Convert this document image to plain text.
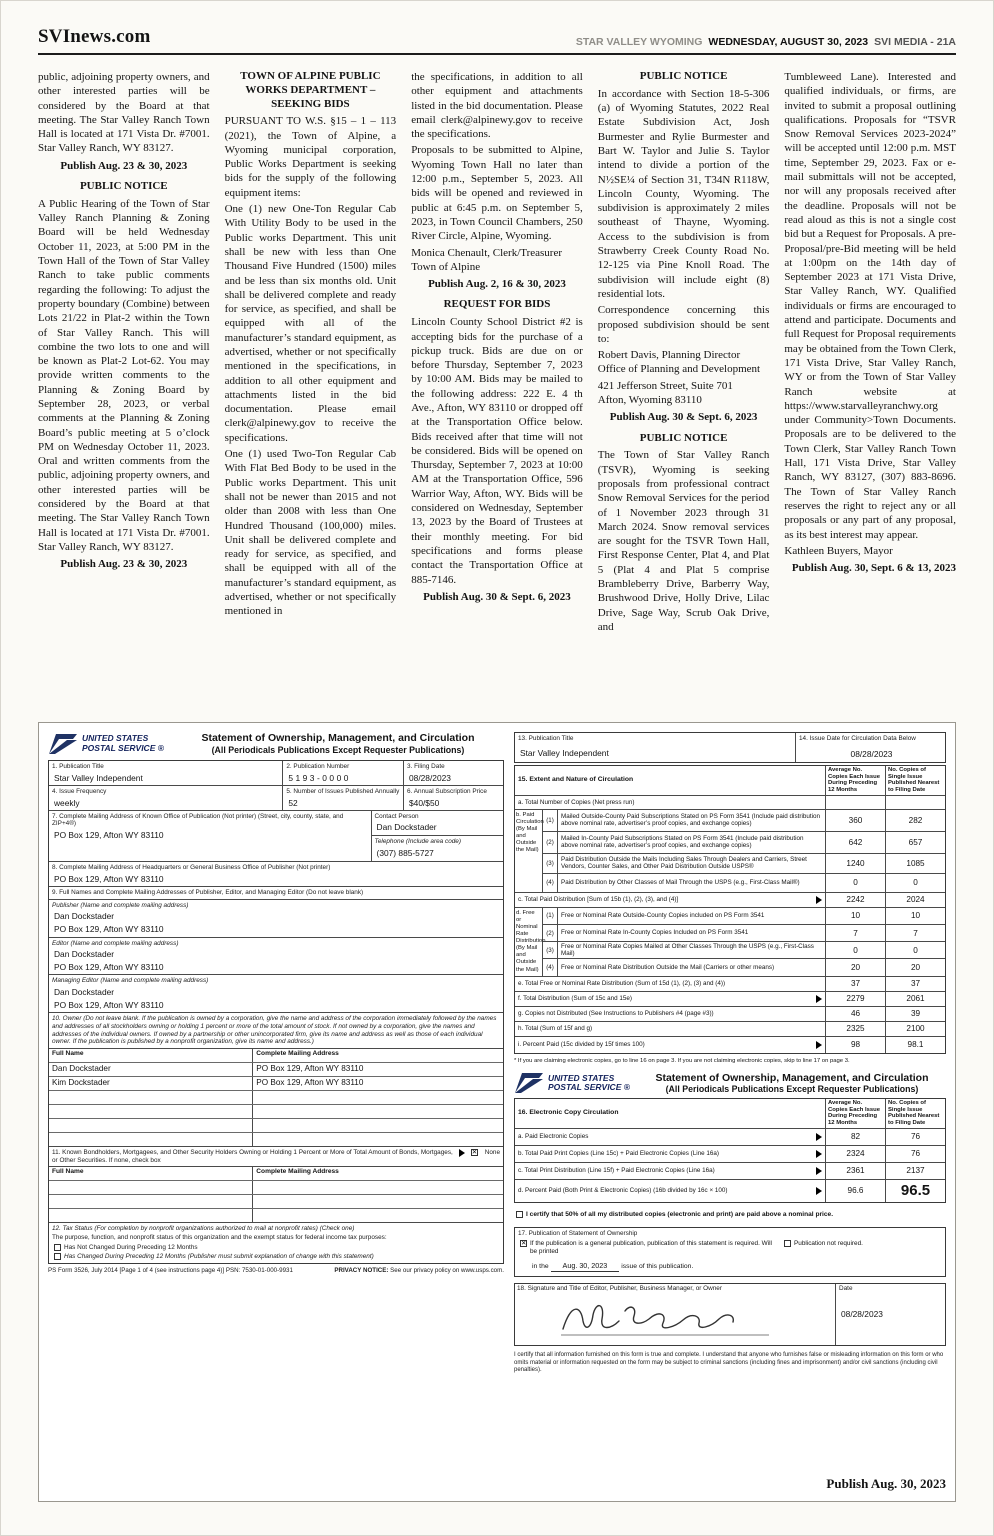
SVInews.com	STAR VALLEY WYOMING WEDNESDAY, AUGUST 30, 2023 SVI MEDIA - 21A

public, adjoining property owners, and other interested parties will be considered by the Board at that meeting. The Star Valley Ranch Town Hall is located at 171 Vista Dr. #7001. Star Valley Ranch, WY 83127.

Publish Aug. 23 & 30, 2023

PUBLIC NOTICE

A Public Hearing of the Town of Star Valley Ranch Planning & Zoning Board will be held Wednesday October 11, 2023, at 5:00 PM in the Town Hall of the Town of Star Valley Ranch to take public comments regarding the following: To adjust the property boundary (Combine) between Lots 21/22 in Plat-2 within the Town of Star Valley Ranch. This will combine the two lots to one and will be known as Plat-2 Lot-62. You may provide written comments to the Planning & Zoning Board by September 28, 2023, or verbal comments at the Planning & Zoning Board’s public meeting at 5 o’clock PM on Wednesday October 11, 2023. Oral and written comments from the public, adjoining property owners, and other interested parties will be considered by the Board at that meeting. The Star Valley Ranch Town Hall is located at 171 Vista Dr. #7001. Star Valley Ranch, WY 83127.

Publish Aug. 23 & 30, 2023

TOWN OF ALPINE PUBLIC WORKS DEPARTMENT – SEEKING BIDS

PURSUANT TO W.S. §15 – 1 – 113 (2021), the Town of Alpine, a Wyoming municipal corporation, Public Works Department is seeking bids for the supply of the following equipment items:

One (1) new One-Ton Regular Cab With Utility Body to be used in the Public works Department. This unit shall be new with less than One Thousand Five Hundred (1500) miles and be less than six months old. Unit shall be delivered complete and ready for service, as specified, and shall be equipped with all of the manufacturer’s standard equipment, as advertised, whether or not specifically mentioned in the specifications, in addition to all other equipment and attachments listed in the bid documentation. Please email clerk@alpinewy.gov to receive the specifications.

One (1) used Two-Ton Regular Cab With Flat Bed Body to be used in the Public works Department. This unit shall not be newer than 2015 and not older than 2008 with less than One Hundred Thousand (100,000) miles. Unit shall be delivered complete and ready for service, as specified, and shall be equipped with all of the manufacturer’s standard equipment, as advertised, whether or not specifically mentioned in

the specifications, in addition to all other equipment and attachments listed in the bid documentation. Please email clerk@alpinewy.gov to receive the specifications.

Proposals to be submitted to Alpine, Wyoming Town Hall no later than 12:00 p.m., September 5, 2023. All bids will be opened and reviewed in public at 6:45 p.m. on September 5, 2023, in Town Council Chambers, 250 River Circle, Alpine, Wyoming.

Monica Chenault, Clerk/Treasurer

Town of Alpine

Publish Aug. 2, 16 & 30, 2023

REQUEST FOR BIDS

Lincoln County School District #2 is accepting bids for the purchase of a pickup truck. Bids are due on or before Thursday, September 7, 2023 by 10:00 AM. Bids may be mailed to the following address: 222 E. 4 th Ave., Afton, WY 83110 or dropped off at the Transportation Office below. Bids received after that time will not be considered. Bids will be opened on Thursday, September 7, 2023 at 10:00 AM at the Transportation Office, 596 Warrior Way, Afton, WY. Bids will be considered on Wednesday, September 13, 2023 by the Board of Trustees at their monthly meeting. For bid specifications and forms please contact the Transportation Office at 885-7146.

Publish Aug. 30 & Sept. 6, 2023

PUBLIC NOTICE

In accordance with Section 18-5-306 (a) of Wyoming Statutes, 2022 Real Estate Subdivision Act, Josh Burmester and Rylie Burmester and Bart W. Taylor and Julie S. Taylor intend to divide a portion of the N½SE¼ of Section 31, T34N R118W, Lincoln County, Wyoming. The subdivision is approximately 2 miles southeast of Thayne, Wyoming. Access to the subdivision is from Strawberry Creek County Road No. 12-125 via Pine Knoll Road. The subdivision will include eight (8) residential lots.

Correspondence concerning this proposed subdivision should be sent to:

Robert Davis, Planning Director

Office of Planning and Development

421 Jefferson Street, Suite 701

Afton, Wyoming 83110

Publish Aug. 30 & Sept. 6, 2023

PUBLIC NOTICE

The Town of Star Valley Ranch (TSVR), Wyoming is seeking proposals from professional contract Snow Removal Services for the period of 1 November 2023 through 31 March 2024. Snow removal services are sought for the TSVR Town Hall, First Response Center, Plat 4, and Plat 5 (Plat 4 and Plat 5 comprise Brambleberry Drive, Barberry Way, Brushwood Drive, Holly Drive, Lilac Drive, Sage Way, Scrub Oak Drive, and

Tumbleweed Lane). Interested and qualified individuals, or firms, are invited to submit a proposal outlining qualifications. Proposals for “TSVR Snow Removal Services 2023-2024” will be accepted until 12:00 p.m. MST time, September 29, 2023. Fax or e-mail submittals will not be accepted, nor will any proposals received after the deadline. Proposals will not be read aloud as this is not a single cost bid but a Request for Proposals. A pre-Proposal/pre-Bid meeting will be held at 1:00pm on the 14th day of September 2023 at 171 Vista Drive, Star Valley Ranch, WY. Qualified individuals or firms are encouraged to attend and participate. Documents and full Request for Proposal requirements may be obtained from the Town Clerk, 171 Vista Drive, Star Valley Ranch, WY or from the Town of Star Valley Ranch website at https://www.starvalleyranchwy.org under Community>Town Documents. Proposals are to be delivered to the Town Clerk, Star Valley Ranch Town Hall, 171 Vista Drive, Star Valley Ranch, WY 83127, (307) 883-8696. The Town of Star Valley Ranch reserves the right to reject any or all proposals or any part of any proposal, as its best interest may appear.

Kathleen Buyers, Mayor

Publish Aug. 30, Sept. 6 & 13, 2023

UNITED STATES
POSTAL SERVICE ®
Statement of Ownership, Management, and Circulation
(All Periodicals Publications Except Requester Publications)
1. Publication Title
Star Valley Independent
2. Publication Number
5193-0000
3. Filing Date
08/28/2023
4. Issue Frequency
weekly
5. Number of Issues Published Annually
52
6. Annual Subscription Price
$40/$50
7. Complete Mailing Address of Known Office of Publication (Not printer) (Street, city, county, state, and ZIP+4®)
PO Box 129, Afton WY 83110
Contact Person
Dan Dockstader
Telephone (Include area code)
(307) 885-5727
8. Complete Mailing Address of Headquarters or General Business Office of Publisher (Not printer)
PO Box 129, Afton WY 83110
9. Full Names and Complete Mailing Addresses of Publisher, Editor, and Managing Editor (Do not leave blank)
Publisher (Name and complete mailing address)
Dan Dockstader
PO Box 129, Afton WY 83110
Editor (Name and complete mailing address)
Dan Dockstader
PO Box 129, Afton WY 83110
Managing Editor (Name and complete mailing address)
Dan Dockstader
PO Box 129, Afton WY 83110
10. Owner (Do not leave blank. If the publication is owned by a corporation, give the name and address of the corporation immediately followed by the names and addresses of all stockholders owning or holding 1 percent or more of the total amount of stock. If not owned by a corporation, give the names and addresses of the individual owners. If owned by a partnership or other unincorporated firm, give its name and address as well as those of each individual owner. If the publication is published by a nonprofit organization, give its name and address.)
Full Name	Complete Mailing Address
Dan Dockstader	PO Box 129, Afton WY 83110
Kim Dockstader	PO Box 129, Afton WY 83110
11. Known Bondholders, Mortgagees, and Other Security Holders Owning or Holding 1 Percent or More of Total Amount of Bonds, Mortgages, or Other Securities. If none, check box
✕
None
Full Name	Complete Mailing Address
12. Tax Status (For completion by nonprofit organizations authorized to mail at nonprofit rates) (Check one)
The purpose, function, and nonprofit status of this organization and the exempt status for federal income tax purposes:
Has Not Changed During Preceding 12 Months
Has Changed During Preceding 12 Months (Publisher must submit explanation of change with this statement)
PS Form 3526, July 2014 [Page 1 of 4 (see instructions page 4)] PSN: 7530-01-000-9931	PRIVACY NOTICE: See our privacy policy on www.usps.com.
13. Publication Title
Star Valley Independent
14. Issue Date for Circulation Data Below
08/28/2023
15. Extent and Nature of Circulation
Average No. Copies Each Issue During Preceding 12 Months
No. Copies of Single Issue Published Nearest to Filing Date
a. Total Number of Copies (Net press run)
b. Paid Circulation (By Mail and Outside the Mail)
(1)
Mailed Outside-County Paid Subscriptions Stated on PS Form 3541 (Include paid distribution above nominal rate, advertiser’s proof copies, and exchange copies)	360	282
(2)
Mailed In-County Paid Subscriptions Stated on PS Form 3541 (Include paid distribution above nominal rate, advertiser’s proof copies, and exchange copies)	642	657
(3)
Paid Distribution Outside the Mails Including Sales Through Dealers and Carriers, Street Vendors, Counter Sales, and Other Paid Distribution Outside USPS®	1240	1085
(4)	Paid Distribution by Other Classes of Mail Through the USPS (e.g., First-Class Mail®)	0	0
c. Total Paid Distribution [Sum of 15b (1), (2), (3), and (4)]	2242	2024
d. Free or Nominal Rate Distribution (By Mail and Outside the Mail)
(1)	Free or Nominal Rate Outside-County Copies included on PS Form 3541	10	10
(2)	Free or Nominal Rate In-County Copies Included on PS Form 3541	7	7
(3)
Free or Nominal Rate Copies Mailed at Other Classes Through the USPS (e.g., First-Class Mail)	0	0
(4)	Free or Nominal Rate Distribution Outside the Mail (Carriers or other means)	20	20
e. Total Free or Nominal Rate Distribution (Sum of 15d (1), (2), (3) and (4))	37	37
f. Total Distribution (Sum of 15c and 15e)	2279	2061
g. Copies not Distributed (See Instructions to Publishers #4 (page #3))	46	39
h. Total (Sum of 15f and g)	2325	2100
i. Percent Paid (15c divided by 15f times 100)	98	98.1
* If you are claiming electronic copies, go to line 16 on page 3. If you are not claiming electronic copies, skip to line 17 on page 3.
UNITED STATES
POSTAL SERVICE ®
Statement of Ownership, Management, and Circulation
(All Periodicals Publications Except Requester Publications)
16. Electronic Copy Circulation
Average No. Copies Each Issue During Preceding 12 Months
No. Copies of Single Issue Published Nearest to Filing Date
a. Paid Electronic Copies	82	76
b. Total Paid Print Copies (Line 15c) + Paid Electronic Copies (Line 16a)	2324	76
c. Total Print Distribution (Line 15f) + Paid Electronic Copies (Line 16a)	2361	2137
d. Percent Paid (Both Print & Electronic Copies) (16b divided by 16c × 100)	96.6	96.5
I certify that 50% of all my distributed copies (electronic and print) are paid above a nominal price.
17. Publication of Statement of Ownership
✕
If the publication is a general publication, publication of this statement is required. Will be printed
in the Aug. 30, 2023 issue of this publication.
Publication not required.
18. Signature and Title of Editor, Publisher, Business Manager, or Owner	Date
08/28/2023

I certify that all information furnished on this form is true and complete. I understand that anyone who furnishes false or misleading information on this form or who omits material or information requested on the form may be subject to criminal sanctions (including fines and imprisonment) and/or civil sanctions (including civil penalties).

Publish Aug. 30, 2023
